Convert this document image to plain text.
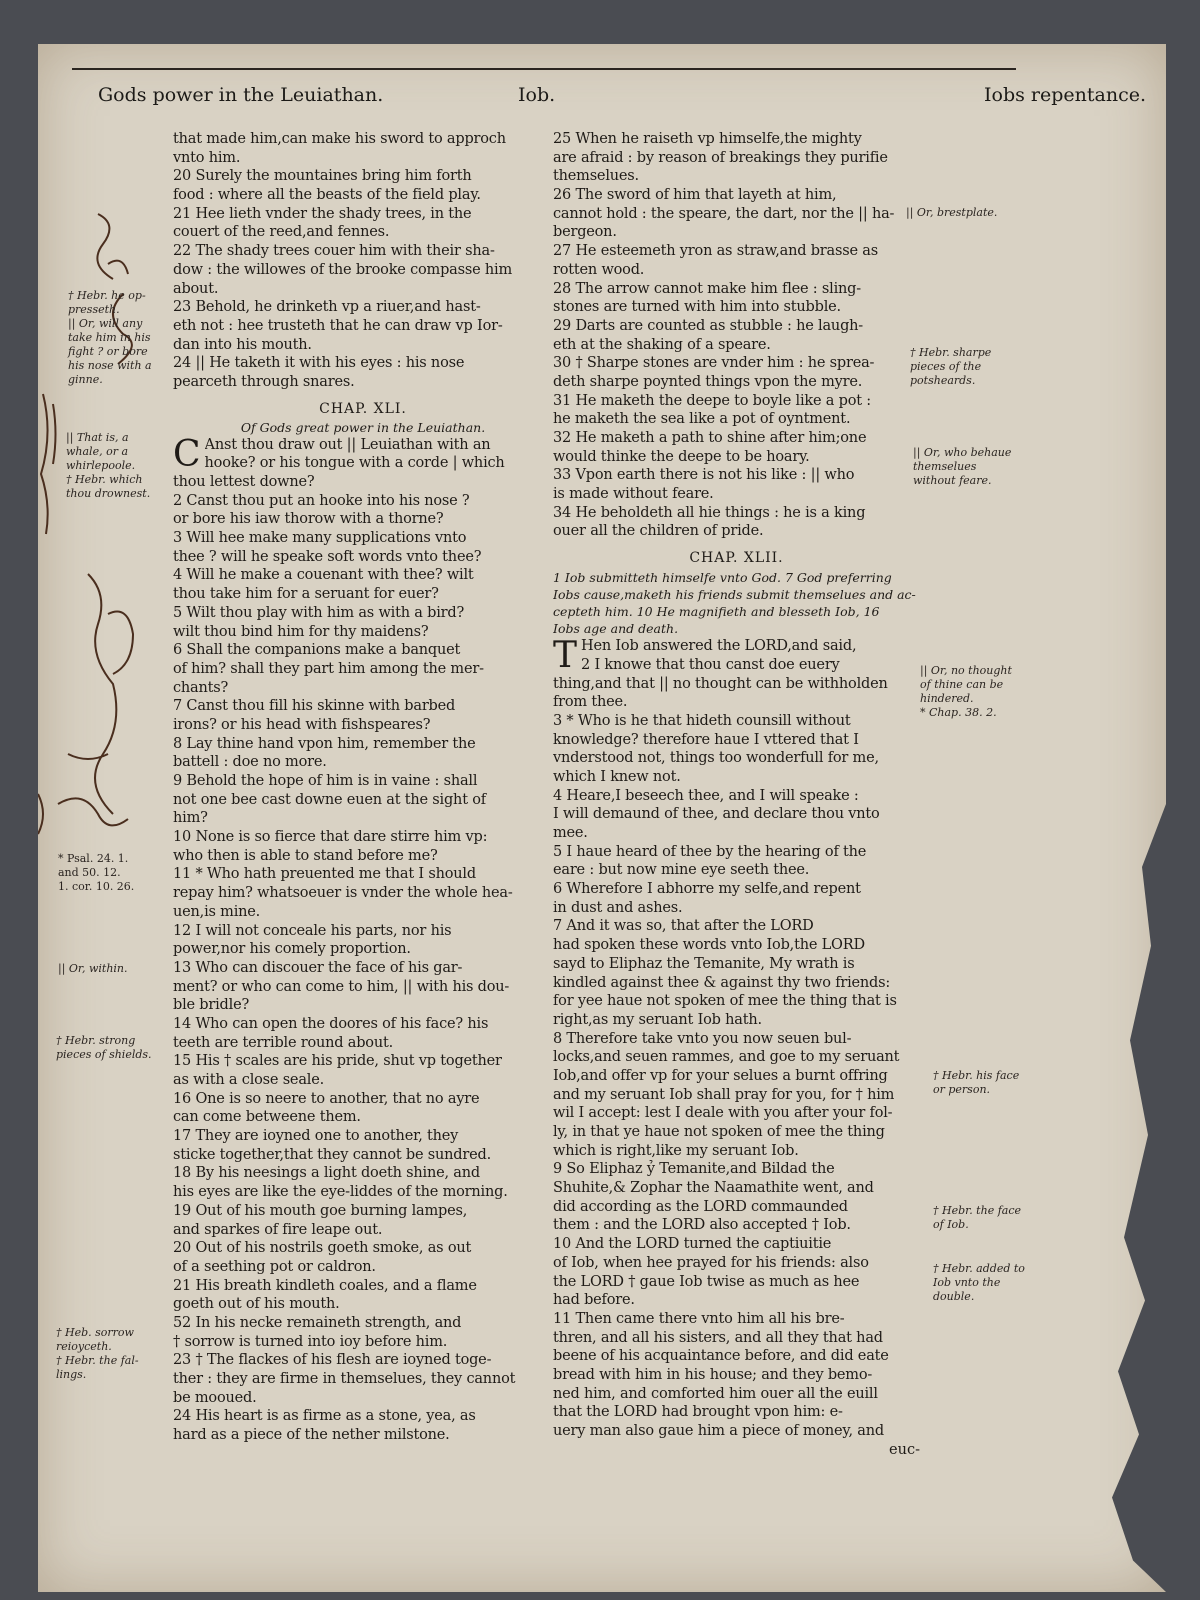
Gods power in the Leuiathan.	Iob.	Iobs repentance.
† Hebr. he op-
presseth.
|| Or, will any
take him in his
fight ? or bore
his nose with a
ginne.
|| That is, a
whale, or a
whirlepoole.
† Hebr. which
thou drownest.
* Psal. 24. 1.
and 50. 12.
1. cor. 10. 26.
|| Or, within.
† Hebr. strong
pieces of shields.
† Heb. sorrow
reioyceth.
† Hebr. the fal-
lings.
|| Or, brestplate.
† Hebr. sharpe
pieces of the
potsheards.
|| Or, who behaue
themselues
without feare.
|| Or, no thought
of thine can be
hindered.
* Chap. 38. 2.
† Hebr. his face
or person.
† Hebr. the face
of Iob.
† Hebr. added to
Iob vnto the
double.
that made him,can make his sword to approch
vnto him.
20 Surely the mountaines bring him forth
food : where all the beasts of the field play.
21 Hee lieth vnder the shady trees, in the
couert of the reed,and fennes.
22 The shady trees couer him with their sha-
dow : the willowes of the brooke compasse him
about.
23 Behold, he drinketh vp a riuer,and hast-
eth not : hee trusteth that he can draw vp Ior-
dan into his mouth.
24 || He taketh it with his eyes : his nose
pearceth through snares.
CHAP. XLI.
Of Gods great power in the Leuiathan.
C Anst thou draw out || Leuiathan with an
hooke? or his tongue with a corde | which
thou lettest downe?
2 Canst thou put an hooke into his nose ?
or bore his iaw thorow with a thorne?
3 Will hee make many supplications vnto
thee ? will he speake soft words vnto thee?
4 Will he make a couenant with thee? wilt
thou take him for a seruant for euer?
5 Wilt thou play with him as with a bird?
wilt thou bind him for thy maidens?
6 Shall the companions make a banquet
of him? shall they part him among the mer-
chants?
7 Canst thou fill his skinne with barbed
irons? or his head with fishspeares?
8 Lay thine hand vpon him, remember the
battell : doe no more.
9 Behold the hope of him is in vaine : shall
not one bee cast downe euen at the sight of
him?
10 None is so fierce that dare stirre him vp:
who then is able to stand before me?
11 * Who hath preuented me that I should
repay him? whatsoeuer is vnder the whole hea-
uen,is mine.
12 I will not conceale his parts, nor his
power,nor his comely proportion.
13 Who can discouer the face of his gar-
ment? or who can come to him, || with his dou-
ble bridle?
14 Who can open the doores of his face? his
teeth are terrible round about.
15 His † scales are his pride, shut vp together
as with a close seale.
16 One is so neere to another, that no ayre
can come betweene them.
17 They are ioyned one to another, they
sticke together,that they cannot be sundred.
18 By his neesings a light doeth shine, and
his eyes are like the eye-liddes of the morning.
19 Out of his mouth goe burning lampes,
and sparkes of fire leape out.
20 Out of his nostrils goeth smoke, as out
of a seething pot or caldron.
21 His breath kindleth coales, and a flame
goeth out of his mouth.
52 In his necke remaineth strength, and
† sorrow is turned into ioy before him.
23 † The flackes of his flesh are ioyned toge-
ther : they are firme in themselues, they cannot
be mooued.
24 His heart is as firme as a stone, yea, as
hard as a piece of the nether milstone.
25 When he raiseth vp himselfe,the mighty
are afraid : by reason of breakings they purifie
themselues.
26 The sword of him that layeth at him,
cannot hold : the speare, the dart, nor the || ha-
bergeon.
27 He esteemeth yron as straw,and brasse as
rotten wood.
28 The arrow cannot make him flee : sling-
stones are turned with him into stubble.
29 Darts are counted as stubble : he laugh-
eth at the shaking of a speare.
30 † Sharpe stones are vnder him : he sprea-
deth sharpe poynted things vpon the myre.
31 He maketh the deepe to boyle like a pot :
he maketh the sea like a pot of oyntment.
32 He maketh a path to shine after him;one
would thinke the deepe to be hoary.
33 Vpon earth there is not his like : || who
is made without feare.
34 He beholdeth all hie things : he is a king
ouer all the children of pride.
CHAP. XLII.
1 Iob submitteth himselfe vnto God. 7 God preferring
Iobs cause,maketh his friends submit themselues and ac-
cepteth him. 10 He magnifieth and blesseth Iob, 16
Iobs age and death.
T Hen Iob answered the LORD,and said,
2 I knowe that thou canst doe euery
thing,and that || no thought can be withholden
from thee.
3 * Who is he that hideth counsill without
knowledge? therefore haue I vttered that I
vnderstood not, things too wonderfull for me,
which I knew not.
4 Heare,I beseech thee, and I will speake :
I will demaund of thee, and declare thou vnto
mee.
5 I haue heard of thee by the hearing of the
eare : but now mine eye seeth thee.
6 Wherefore I abhorre my selfe,and repent
in dust and ashes.
7 And it was so, that after the LORD
had spoken these words vnto Iob,the LORD
sayd to Eliphaz the Temanite, My wrath is
kindled against thee & against thy two friends:
for yee haue not spoken of mee the thing that is
right,as my seruant Iob hath.
8 Therefore take vnto you now seuen bul-
locks,and seuen rammes, and goe to my seruant
Iob,and offer vp for your selues a burnt offring
and my seruant Iob shall pray for you, for † him
wil I accept: lest I deale with you after your fol-
ly, in that ye haue not spoken of mee the thing
which is right,like my seruant Iob.
9 So Eliphaz ỷ Temanite,and Bildad the
Shuhite,& Zophar the Naamathite went, and
did according as the LORD commaunded
them : and the LORD also accepted † Iob.
10 And the LORD turned the captiuitie
of Iob, when hee prayed for his friends: also
the LORD † gaue Iob twise as much as hee
had before.
11 Then came there vnto him all his bre-
thren, and all his sisters, and all they that had
beene of his acquaintance before, and did eate
bread with him in his house; and they bemo-
ned him, and comforted him ouer all the euill
that the LORD had brought vpon him: e-
uery man also gaue him a piece of money, and
euc-
